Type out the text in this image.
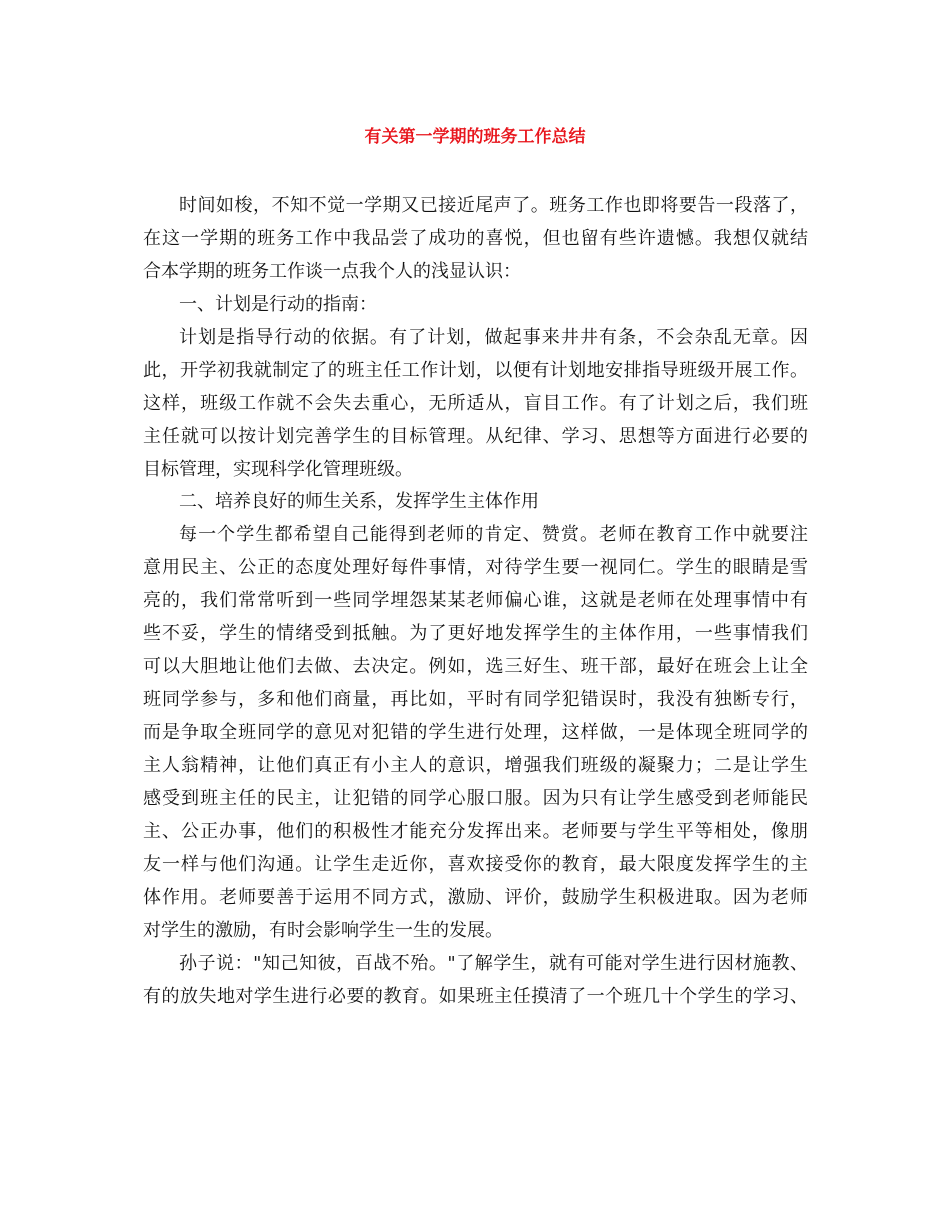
有关第一学期的班务工作总结
时间如梭，不知不觉一学期又已接近尾声了。班务工作也即将要告一段落了，
在这一学期的班务工作中我品尝了成功的喜悦，但也留有些许遗憾。我想仅就结
合本学期的班务工作谈一点我个人的浅显认识：
一、计划是行动的指南：
计划是指导行动的依据。有了计划，做起事来井井有条，不会杂乱无章。因
此，开学初我就制定了的班主任工作计划，以便有计划地安排指导班级开展工作。
这样，班级工作就不会失去重心，无所适从，盲目工作。有了计划之后，我们班
主任就可以按计划完善学生的目标管理。从纪律、学习、思想等方面进行必要的
目标管理，实现科学化管理班级。
二、培养良好的师生关系，发挥学生主体作用
每一个学生都希望自己能得到老师的肯定、赞赏。老师在教育工作中就要注
意用民主、公正的态度处理好每件事情，对待学生要一视同仁。学生的眼睛是雪
亮的，我们常常听到一些同学埋怨某某老师偏心谁，这就是老师在处理事情中有
些不妥，学生的情绪受到抵触。为了更好地发挥学生的主体作用，一些事情我们
可以大胆地让他们去做、去决定。例如，选三好生、班干部，最好在班会上让全
班同学参与，多和他们商量，再比如，平时有同学犯错误时，我没有独断专行，
而是争取全班同学的意见对犯错的学生进行处理，这样做，一是体现全班同学的
主人翁精神，让他们真正有小主人的意识，增强我们班级的凝聚力；二是让学生
感受到班主任的民主，让犯错的同学心服口服。因为只有让学生感受到老师能民
主、公正办事，他们的积极性才能充分发挥出来。老师要与学生平等相处，像朋
友一样与他们沟通。让学生走近你，喜欢接受你的教育，最大限度发挥学生的主
体作用。老师要善于运用不同方式，激励、评价，鼓励学生积极进取。因为老师
对学生的激励，有时会影响学生一生的发展。
孙子说："知己知彼，百战不殆。"了解学生，就有可能对学生进行因材施教、
有的放失地对学生进行必要的教育。如果班主任摸清了一个班几十个学生的学习、
